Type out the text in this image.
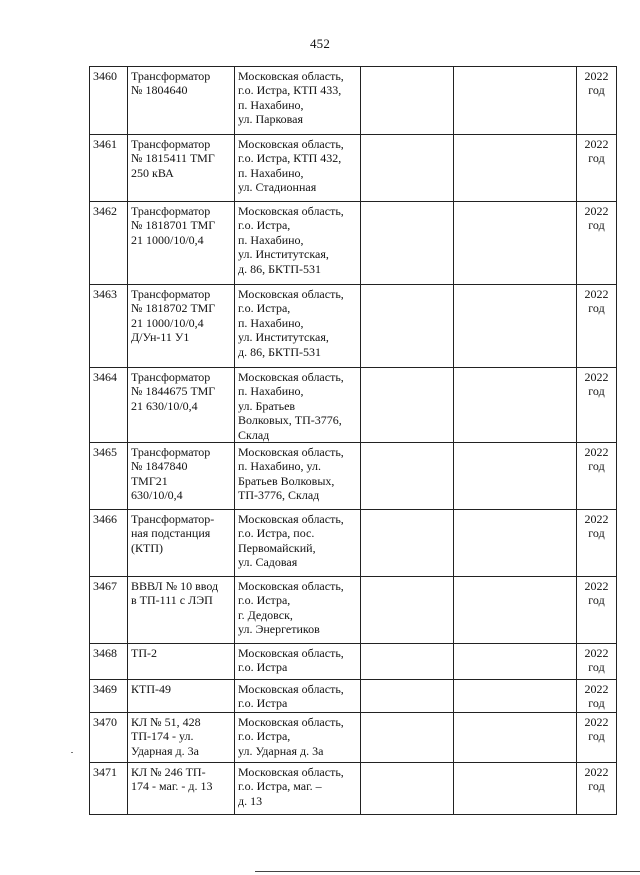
452
3460	Трансформатор
№ 1804640	Московская область,
г.о. Истра, КТП 433,
п. Нахабино,
ул. Парковая			2022
год
3461	Трансформатор
№ 1815411 ТМГ
250 кВА	Московская область,
г.о. Истра, КТП 432,
п. Нахабино,
ул. Стадионная			2022
год
3462	Трансформатор
№ 1818701 ТМГ
21 1000/10/0,4	Московская область,
г.о. Истра,
п. Нахабино,
ул. Институтская,
д. 86, БКТП-531			2022
год
3463	Трансформатор
№ 1818702 ТМГ
21 1000/10/0,4
Д/Ун-11 У1	Московская область,
г.о. Истра,
п. Нахабино,
ул. Институтская,
д. 86, БКТП-531			2022
год
3464	Трансформатор
№ 1844675 ТМГ
21 630/10/0,4	Московская область,
п. Нахабино,
ул. Братьев
Волковых, ТП-3776,
Склад			2022
год
3465	Трансформатор
№ 1847840
ТМГ21
630/10/0,4	Московская область,
п. Нахабино, ул.
Братьев Волковых,
ТП-3776, Склад			2022
год
3466	Трансформатор-
ная подстанция
(КТП)	Московская область,
г.о. Истра, пос.
Первомайский,
ул. Садовая			2022
год
3467	ВВВЛ № 10 ввод
в ТП-111 с ЛЭП	Московская область,
г.о. Истра,
г. Дедовск,
ул. Энергетиков			2022
год
3468	ТП-2	Московская область,
г.о. Истра			2022
год
3469	КТП-49	Московская область,
г.о. Истра			2022
год
3470	КЛ № 51, 428
ТП-174 - ул.
Ударная д. 3а	Московская область,
г.о. Истра,
ул. Ударная д. 3а			2022
год
3471	КЛ № 246 ТП-
174 - маг. - д. 13	Московская область,
г.о. Истра, маг. –
д. 13			2022
год
